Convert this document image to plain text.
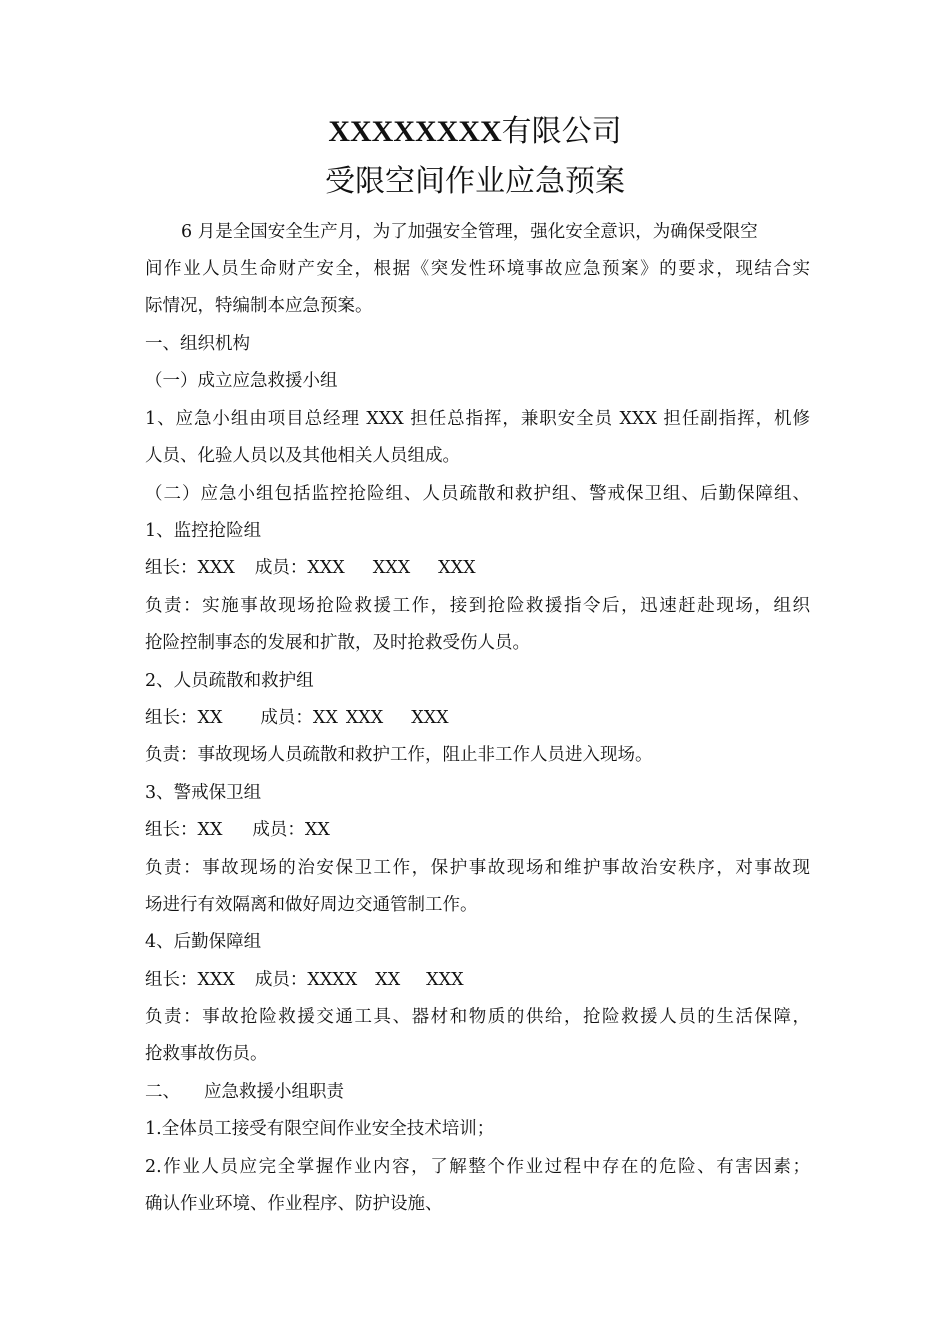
XXXXXXXX有限公司
受限空间作业应急预案
6 月是全国安全生产月，为了加强安全管理，强化安全意识，为确保受限空
间作业人员生命财产安全，根据《突发性环境事故应急预案》的要求，现结合实
际情况，特编制本应急预案。
一、组织机构
（一）成立应急救援小组
1、应急小组由项目总经理 XXX 担任总指挥，兼职安全员 XXX 担任副指挥，机修
人员、化验人员以及其他相关人员组成。
（二）应急小组包括监控抢险组、人员疏散和救护组、警戒保卫组、后勤保障组、
1、监控抢险组
组长：XXX 成员：XXX XXX XXX
负责：实施事故现场抢险救援工作，接到抢险救援指令后，迅速赶赴现场，组织
抢险控制事态的发展和扩散，及时抢救受伤人员。
2、人员疏散和救护组
组长：XX 成员：XX XXX XXX
负责：事故现场人员疏散和救护工作，阻止非工作人员进入现场。
3、警戒保卫组
组长：XX 成员：XX
负责：事故现场的治安保卫工作，保护事故现场和维护事故治安秩序，对事故现
场进行有效隔离和做好周边交通管制工作。
4、后勤保障组
组长：XXX 成员：XXXX XX XXX
负责：事故抢险救援交通工具、器材和物质的供给，抢险救援人员的生活保障，
抢救事故伤员。
二、 应急救援小组职责
1.全体员工接受有限空间作业安全技术培训；
2.作业人员应完全掌握作业内容，了解整个作业过程中存在的危险、有害因素；
确认作业环境、作业程序、防护设施、
